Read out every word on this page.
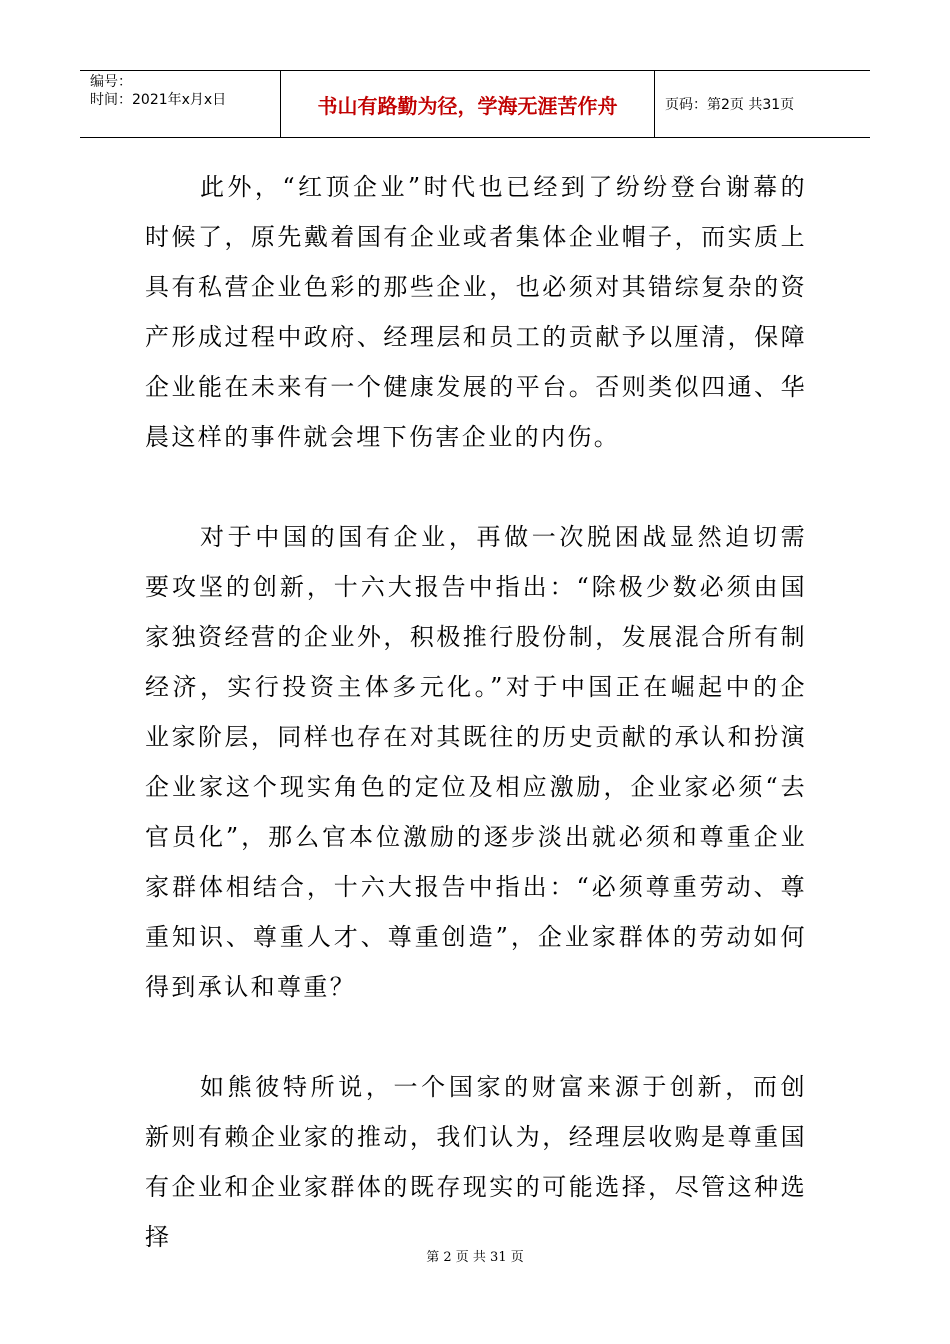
编号：
时间：2021年x月x日	书山有路勤为径，学海无涯苦作舟	页码：第2页 共31页

此外，“红顶企业”时代也已经到了纷纷登台谢幕的时候了，原先戴着国有企业或者集体企业帽子，而实质上具有私营企业色彩的那些企业，也必须对其错综复杂的资产形成过程中政府、经理层和员工的贡献予以厘清，保障企业能在未来有一个健康发展的平台。否则类似四通、华晨这样的事件就会埋下伤害企业的内伤。

对于中国的国有企业，再做一次脱困战显然迫切需要攻坚的创新，十六大报告中指出：“除极少数必须由国家独资经营的企业外，积极推行股份制，发展混合所有制经济，实行投资主体多元化。”对于中国正在崛起中的企业家阶层，同样也存在对其既往的历史贡献的承认和扮演企业家这个现实角色的定位及相应激励，企业家必须“去官员化”，那么官本位激励的逐步淡出就必须和尊重企业家群体相结合，十六大报告中指出：“必须尊重劳动、尊重知识、尊重人才、尊重创造”，企业家群体的劳动如何得到承认和尊重？

如熊彼特所说，一个国家的财富来源于创新，而创新则有赖企业家的推动，我们认为，经理层收购是尊重国有企业和企业家群体的既存现实的可能选择，尽管这种选择

第 2 页 共 31 页
